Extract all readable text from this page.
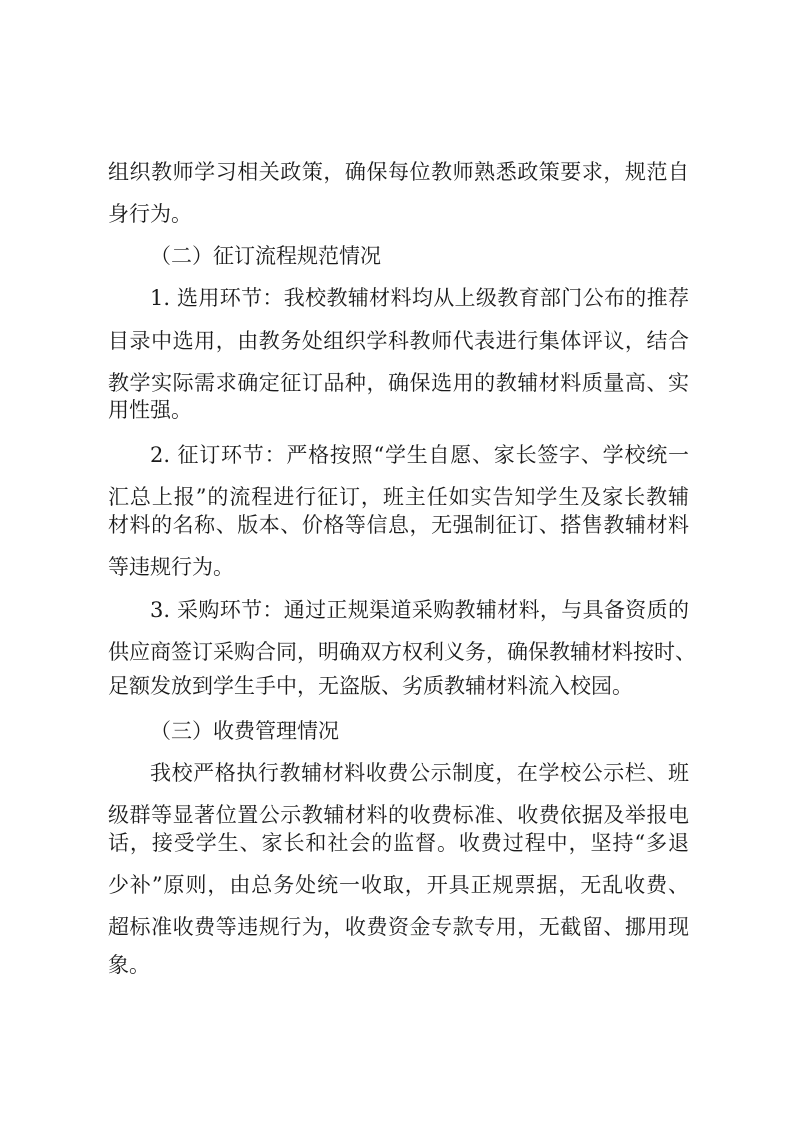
组织教师学习相关政策，确保每位教师熟悉政策要求，规范自

身行为。

（二）征订流程规范情况

1. 选用环节：我校教辅材料均从上级教育部门公布的推荐

目录中选用，由教务处组织学科教师代表进行集体评议，结合

教学实际需求确定征订品种，确保选用的教辅材料质量高、实

用性强。

2. 征订环节：严格按照“学生自愿、家长签字、学校统一

汇总上报”的流程进行征订，班主任如实告知学生及家长教辅

材料的名称、版本、价格等信息，无强制征订、搭售教辅材料

等违规行为。

3. 采购环节：通过正规渠道采购教辅材料，与具备资质的

供应商签订采购合同，明确双方权利义务，确保教辅材料按时、

足额发放到学生手中，无盗版、劣质教辅材料流入校园。

（三）收费管理情况

我校严格执行教辅材料收费公示制度，在学校公示栏、班

级群等显著位置公示教辅材料的收费标准、收费依据及举报电

话，接受学生、家长和社会的监督。收费过程中，坚持“多退

少补”原则，由总务处统一收取，开具正规票据，无乱收费、

超标准收费等违规行为，收费资金专款专用，无截留、挪用现

象。
